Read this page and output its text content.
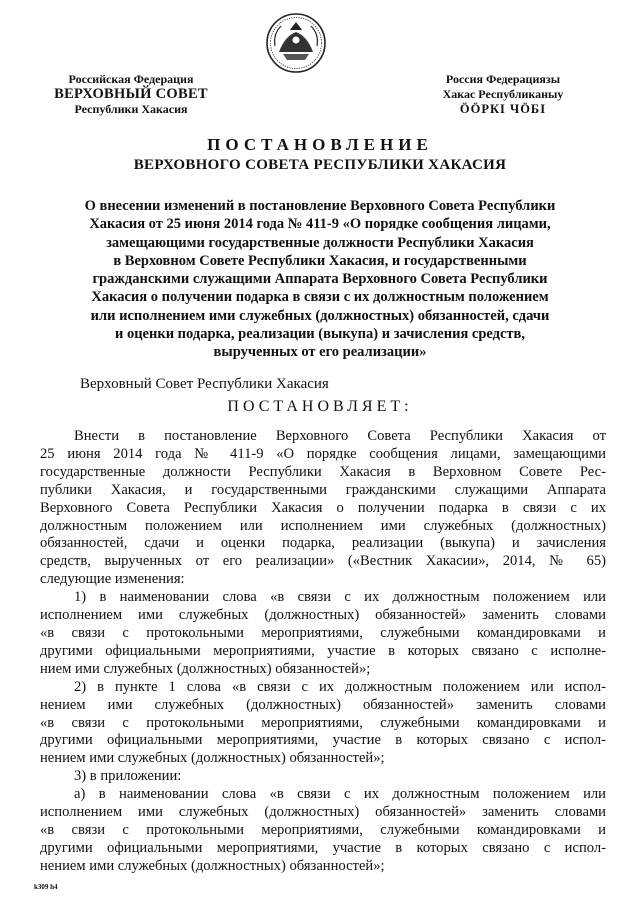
Российская Федерация
ВЕРХОВНЫЙ СОВЕТ
Республики Хакасия
Россия Федерациязы
Хакас Республиканыу
ÖÖРКI ЧÖБI
ПОСТАНОВЛЕНИЕ
ВЕРХОВНОГО СОВЕТА РЕСПУБЛИКИ ХАКАСИЯ
О внесении изменений в постановление Верховного Совета Республики
Хакасия от 25 июня 2014 года № 411-9 «О порядке сообщения лицами,
замещающими государственные должности Республики Хакасия
в Верховном Совете Республики Хакасия, и государственными
гражданскими служащими Аппарата Верховного Совета Республики
Хакасия о получении подарка в связи с их должностным положением
или исполнением ими служебных (должностных) обязанностей, сдачи
и оценки подарка, реализации (выкупа) и зачисления средств,
вырученных от его реализации»
Верховный Совет Республики Хакасия
ПОСТАНОВЛЯЕТ:
Внести в постановление Верховного Совета Республики Хакасия от
25 июня 2014 года № 411-9 «О порядке сообщения лицами, замещающими
государственные должности Республики Хакасия в Верховном Совете Рес-
публики Хакасия, и государственными гражданскими служащими Аппарата
Верховного Совета Республики Хакасия о получении подарка в связи с их
должностным положением или исполнением ими служебных (должностных)
обязанностей, сдачи и оценки подарка, реализации (выкупа) и зачисления
средств, вырученных от его реализации» («Вестник Хакасии», 2014, № 65)
следующие изменения:
1) в наименовании слова «в связи с их должностным положением или
исполнением ими служебных (должностных) обязанностей» заменить словами
«в связи с протокольными мероприятиями, служебными командировками и
другими официальными мероприятиями, участие в которых связано с исполне-
нием ими служебных (должностных) обязанностей»;
2) в пункте 1 слова «в связи с их должностным положением или испол-
нением ими служебных (должностных) обязанностей» заменить словами
«в связи с протокольными мероприятиями, служебными командировками и
другими официальными мероприятиями, участие в которых связано с испол-
нением ими служебных (должностных) обязанностей»;
3) в приложении:
а) в наименовании слова «в связи с их должностным положением или
исполнением ими служебных (должностных) обязанностей» заменить словами
«в связи с протокольными мероприятиями, служебными командировками и
другими официальными мероприятиями, участие в которых связано с испол-
нением ими служебных (должностных) обязанностей»;
k309 h4
